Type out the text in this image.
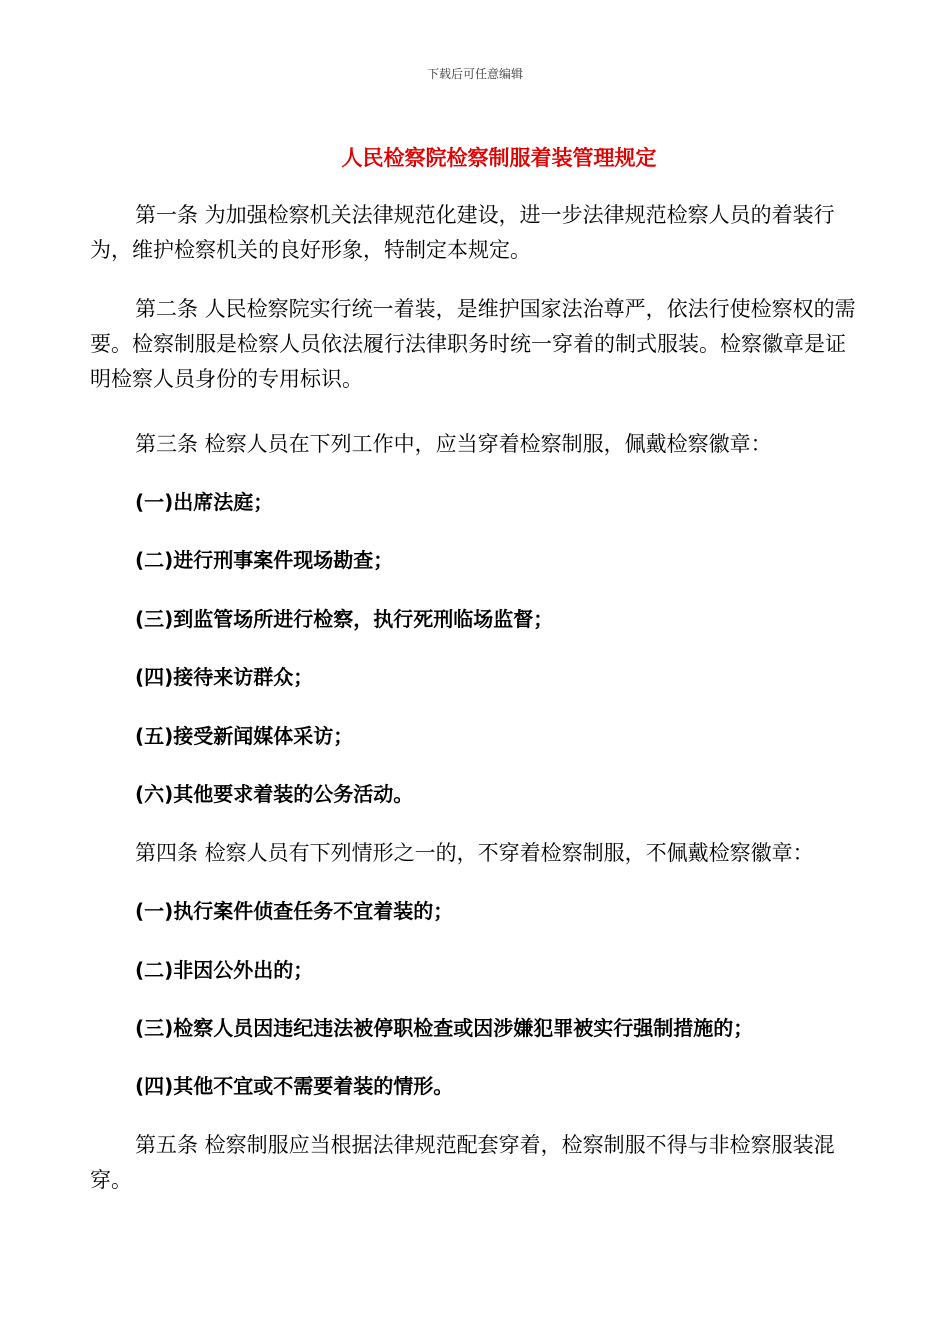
下载后可任意编辑
人民检察院检察制服着装管理规定

第一条 为加强检察机关法律规范化建设，进一步法律规范检察人员的着装行为，维护检察机关的良好形象，特制定本规定。

第二条 人民检察院实行统一着装，是维护国家法治尊严，依法行使检察权的需要。检察制服是检察人员依法履行法律职务时统一穿着的制式服装。检察徽章是证明检察人员身份的专用标识。

第三条 检察人员在下列工作中，应当穿着检察制服，佩戴检察徽章：

(一)出席法庭；

(二)进行刑事案件现场勘查；

(三)到监管场所进行检察，执行死刑临场监督；

(四)接待来访群众；

(五)接受新闻媒体采访；

(六)其他要求着装的公务活动。

第四条 检察人员有下列情形之一的，不穿着检察制服，不佩戴检察徽章：

(一)执行案件侦查任务不宜着装的；

(二)非因公外出的；

(三)检察人员因违纪违法被停职检查或因涉嫌犯罪被实行强制措施的；

(四)其他不宜或不需要着装的情形。

第五条 检察制服应当根据法律规范配套穿着，检察制服不得与非检察服装混穿。
